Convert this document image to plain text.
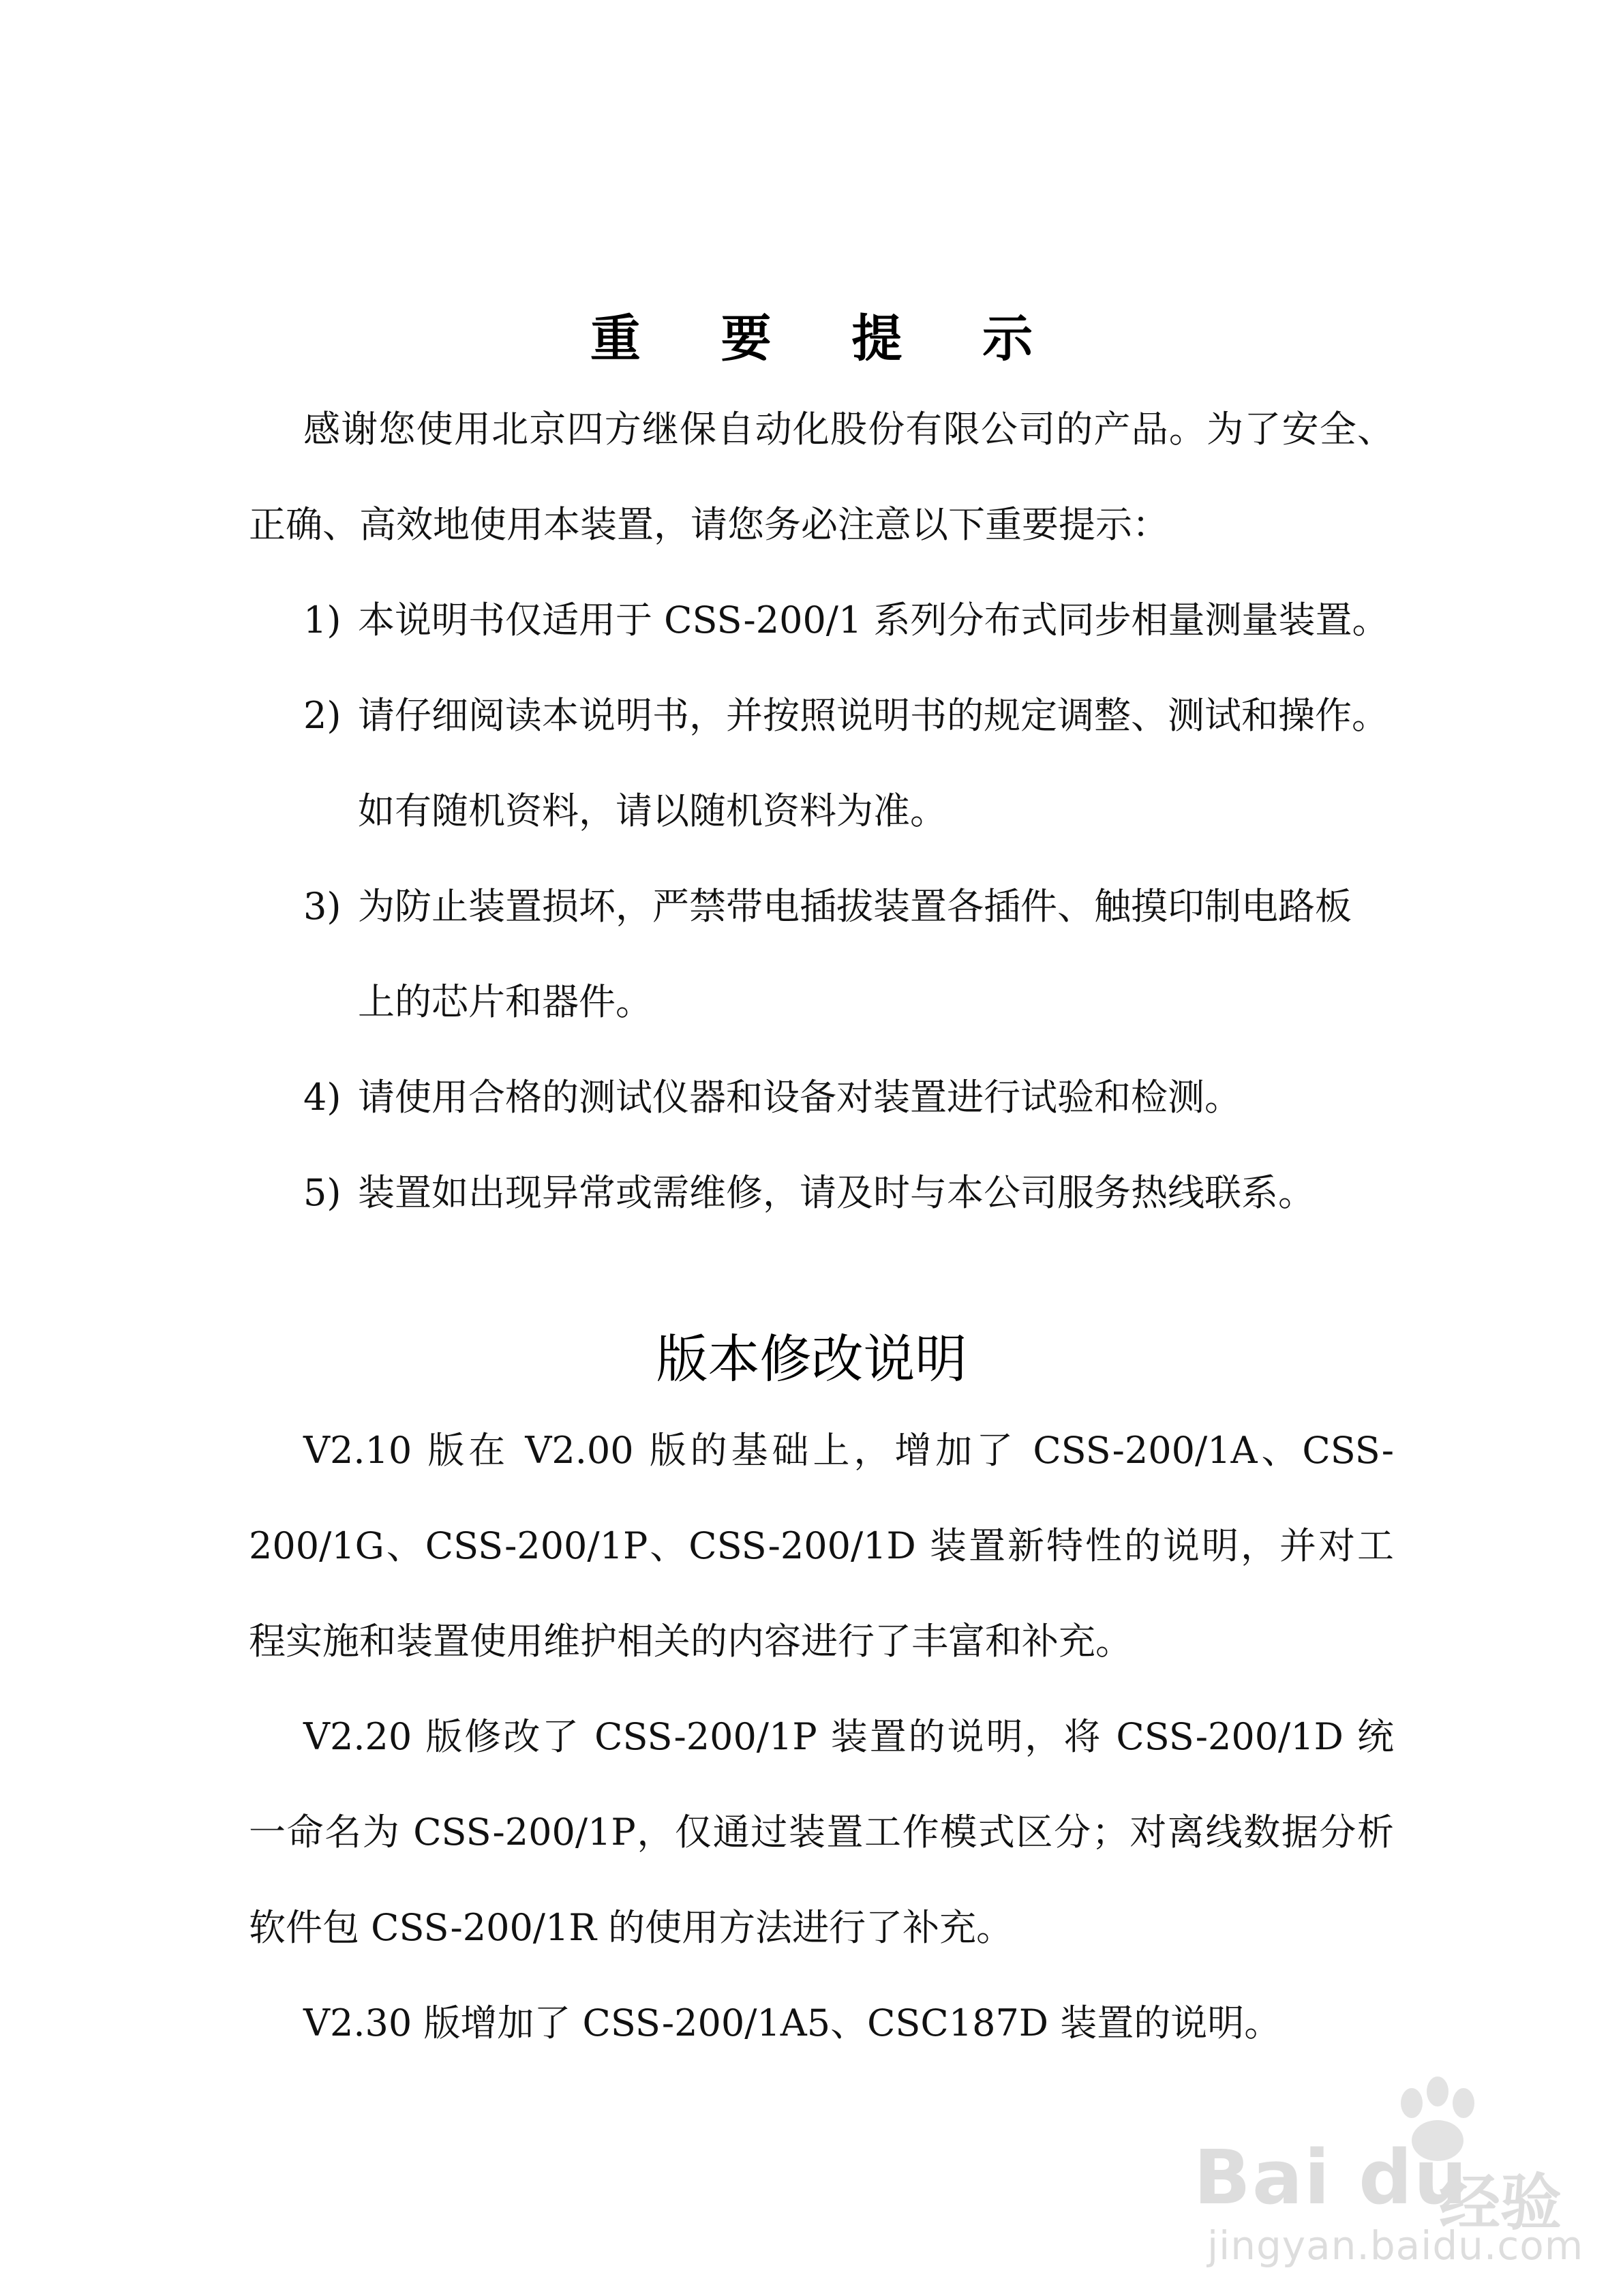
重 要 提 示
感谢您使用北京四方继保自动化股份有限公司的产品。为了安全、正确、高效地使用本装置，请您务必注意以下重要提示：
1) 本说明书仅适用于 CSS-200/1 系列分布式同步相量测量装置。
2) 请仔细阅读本说明书，并按照说明书的规定调整、测试和操作。
如有随机资料，请以随机资料为准。
3) 为防止装置损坏，严禁带电插拔装置各插件、触摸印制电路板
上的芯片和器件。
4) 请使用合格的测试仪器和设备对装置进行试验和检测。
5) 装置如出现异常或需维修，请及时与本公司服务热线联系。
版本修改说明
V2.10 版在 V2.00 版的基础上，增加了 CSS-200/1A、CSS-200/1G、CSS-200/1P、CSS-200/1D 装置新特性的说明，并对工程实施和装置使用维护相关的内容进行了丰富和补充。
V2.20 版修改了 CSS-200/1P 装置的说明，将 CSS-200/1D 统一命名为 CSS-200/1P，仅通过装置工作模式区分；对离线数据分析软件包 CSS-200/1R 的使用方法进行了补充。
V2.30 版增加了 CSS-200/1A5、CSC187D 装置的说明。
Bai du
经验
jingyan.baidu.com
